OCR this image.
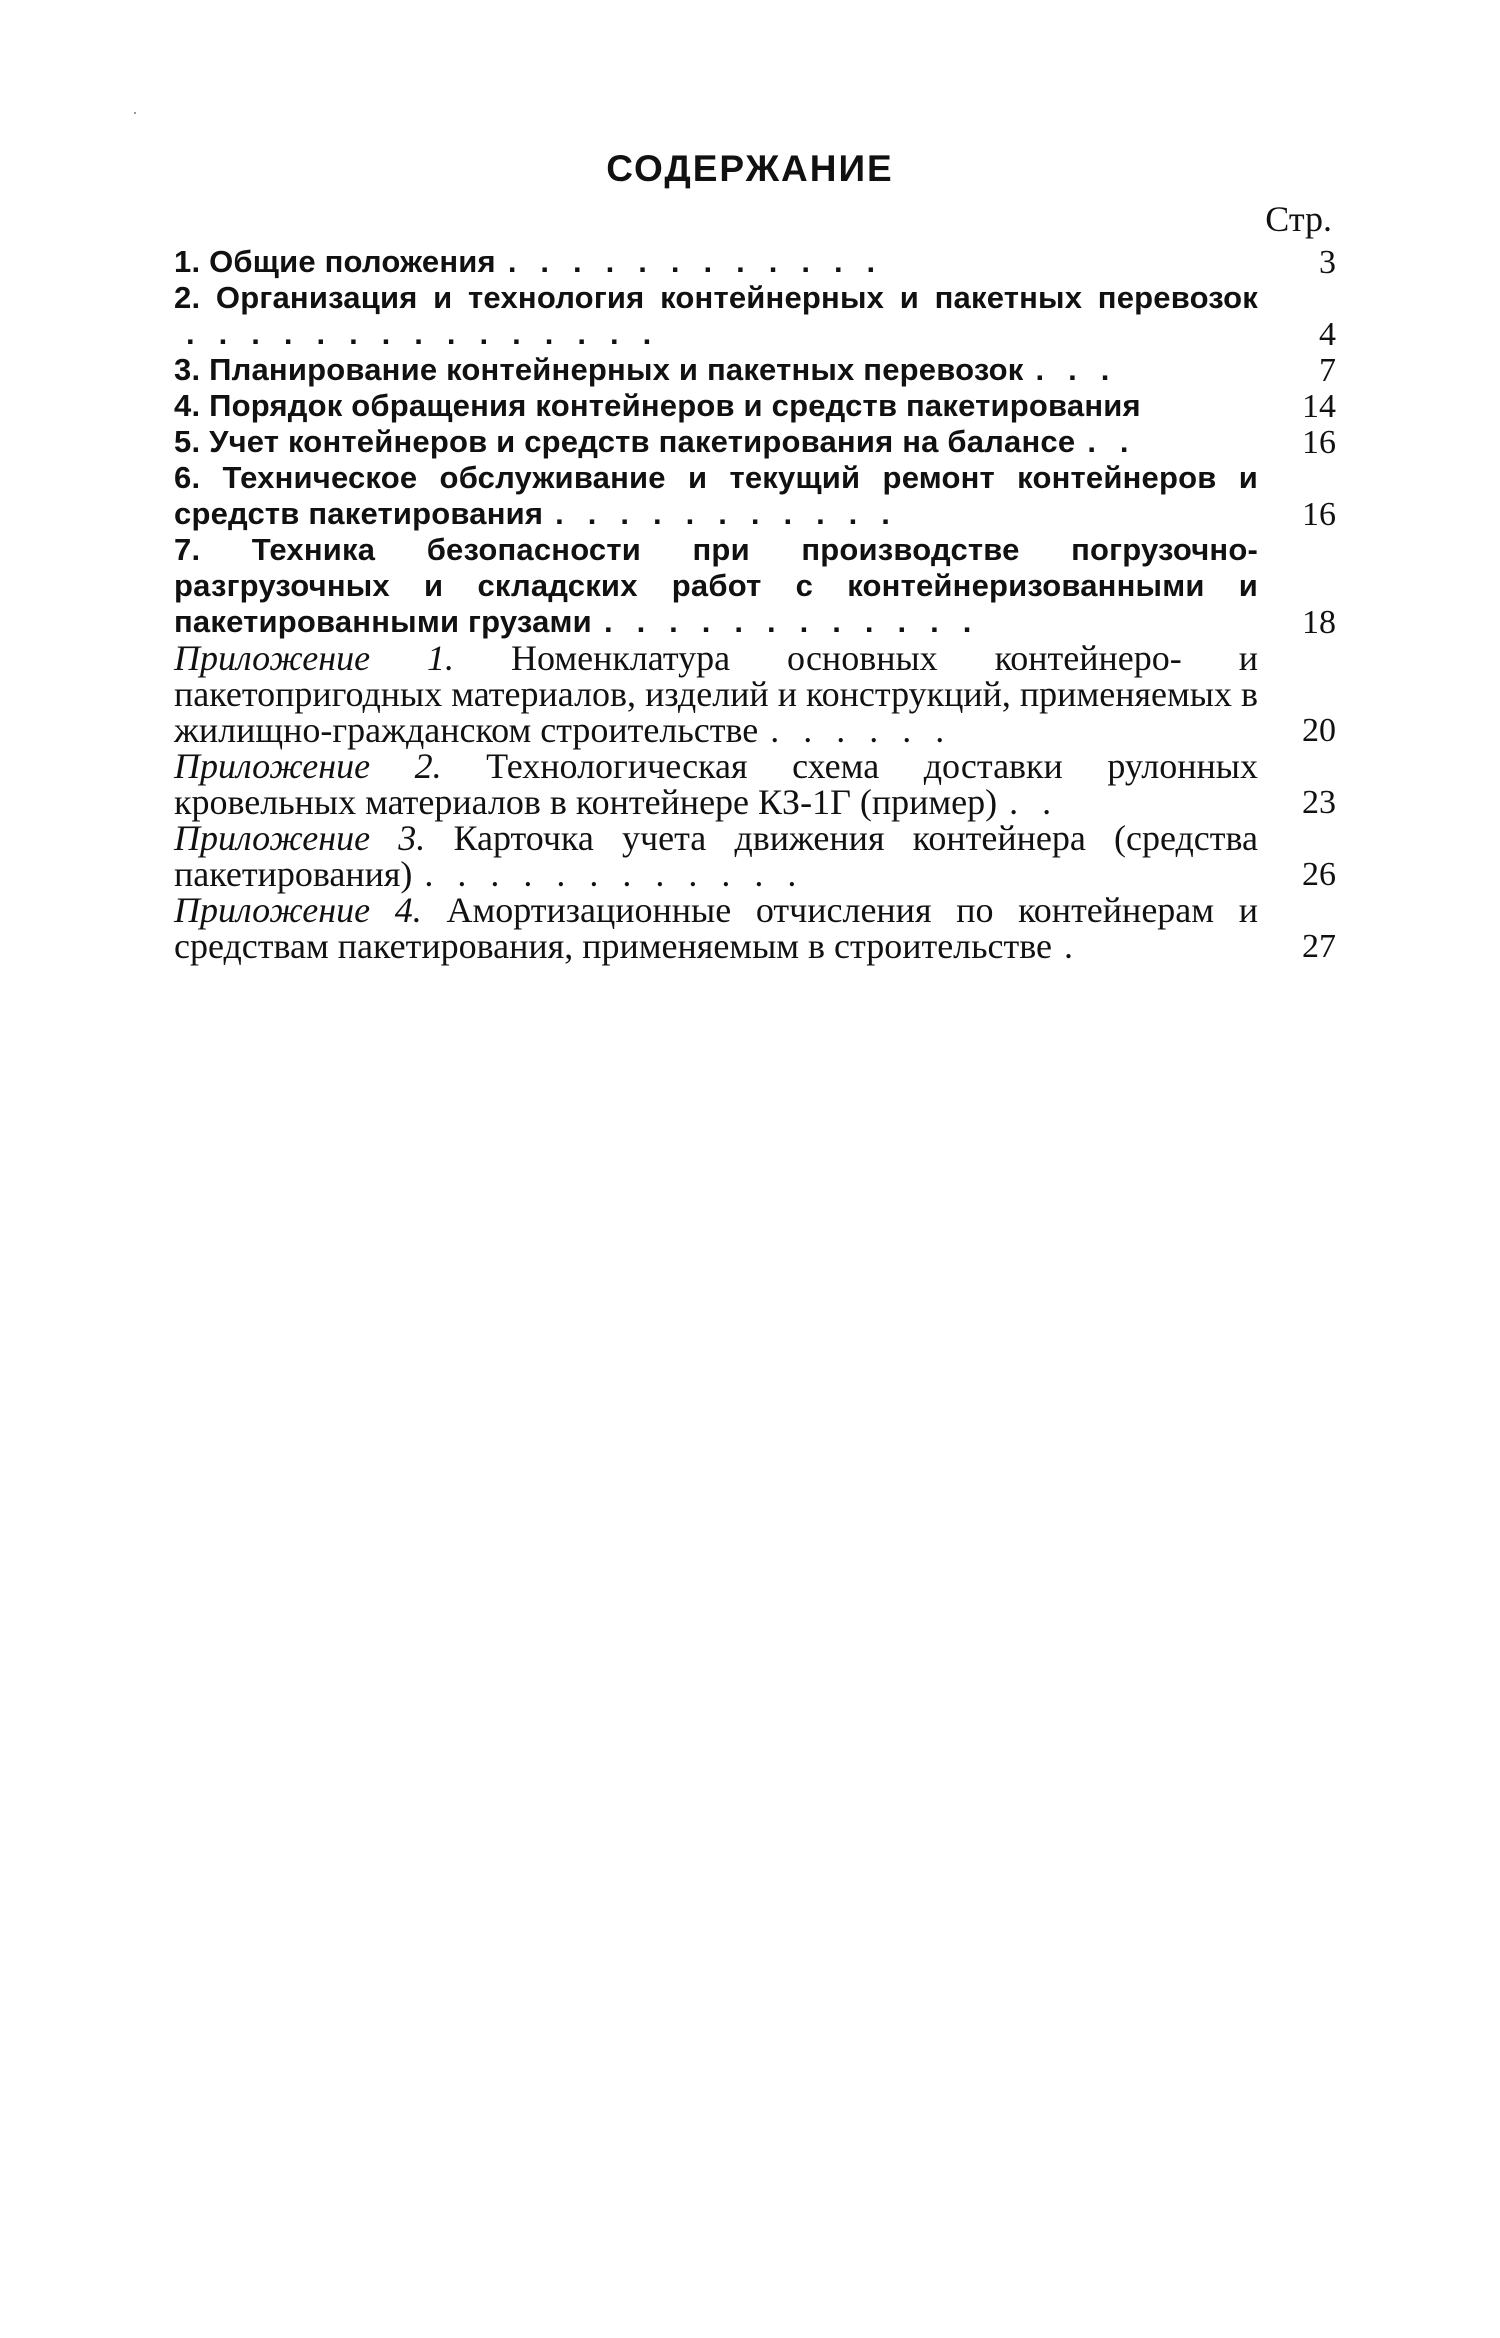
СОДЕРЖАНИЕ
Стр.
1. Общие положения ............	3
2. Организация и технология контейнерных и пакетных перевозок...............	4
3. Планирование контейнерных и пакетных перевозок ...	7
4. Порядок обращения контейнеров и средств пакетирования	14
5. Учет контейнеров и средств пакетирования на балансе ..	16
6. Техническое обслуживание и текущий ремонт контейнеров и средств пакетирования ...........	16
7. Техника безопасности при производстве погрузочно-разгрузочных и складских работ с контейнеризованными и пакетированными грузами ............	18
Приложение 1. Номенклатура основных контейнеро- и пакетопригодных материалов, изделий и конструкций, применяемых в жилищно-гражданском строительстве ......	20
Приложение 2. Технологическая схема доставки рулонных кровельных материалов в контейнере КЗ-1Г (пример) ..	23
Приложение 3. Карточка учета движения контейнера (средства пакетирования) ............	26
Приложение 4. Амортизационные отчисления по контейнерам и средствам пакетирования, применяемым в строительстве .	27
